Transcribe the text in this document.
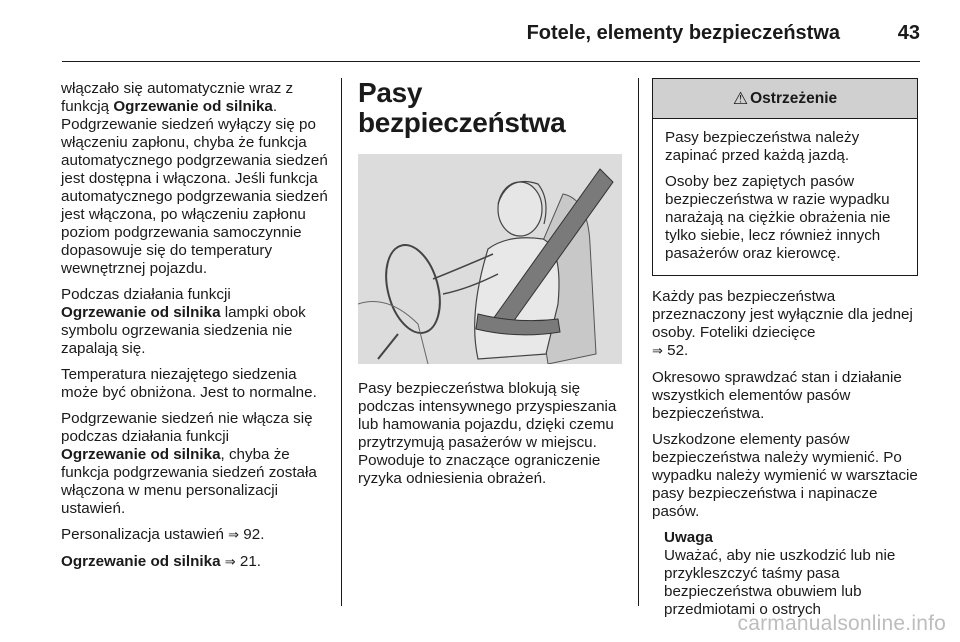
Fotele, elementy bezpieczeństwa	43

włączało się automatycznie wraz z
funkcją Ogrzewanie od silnika.

Podgrzewanie siedzeń wyłączy się po włączeniu zapłonu, chyba że funkcja automatycznego podgrzewania siedzeń jest dostępna i włączona. Jeśli funkcja automatycznego podgrzewania siedzeń jest włączona, po włączeniu zapłonu poziom podgrzewania samoczynnie dopasowuje się do temperatury wewnętrznej pojazdu.

Podczas działania funkcji
Ogrzewanie od silnika lampki obok symbolu ogrzewania siedzenia nie zapalają się.

Temperatura niezajętego siedzenia może być obniżona. Jest to normalne.

Podgrzewanie siedzeń nie włącza się podczas działania funkcji
Ogrzewanie od silnika, chyba że funkcja podgrzewania siedzeń została włączona w menu personalizacji ustawień.

Personalizacja ustawień ⇒ 92.

Ogrzewanie od silnika ⇒ 21.

Pasy bezpieczeństwa

Pasy bezpieczeństwa blokują się podczas intensywnego przyspieszania lub hamowania pojazdu, dzięki czemu przytrzymują pasażerów w miejscu. Powoduje to znaczące ograniczenie ryzyka odniesienia obrażeń.

⚠ Ostrzeżenie

Pasy bezpieczeństwa należy zapinać przed każdą jazdą.

Osoby bez zapiętych pasów bezpieczeństwa w razie wypadku narażają na ciężkie obrażenia nie tylko siebie, lecz również innych pasażerów oraz kierowcę.

Każdy pas bezpieczeństwa przeznaczony jest wyłącznie dla jednej osoby. Foteliki dziecięce
⇒ 52.

Okresowo sprawdzać stan i działanie wszystkich elementów pasów bezpieczeństwa.

Uszkodzone elementy pasów bezpieczeństwa należy wymienić. Po wypadku należy wymienić w warsztacie pasy bezpieczeństwa i napinacze pasów.

Uwaga
Uważać, aby nie uszkodzić lub nie przykleszczyć taśmy pasa bezpieczeństwa obuwiem lub przedmiotami o ostrych
carmanualsonline.info
